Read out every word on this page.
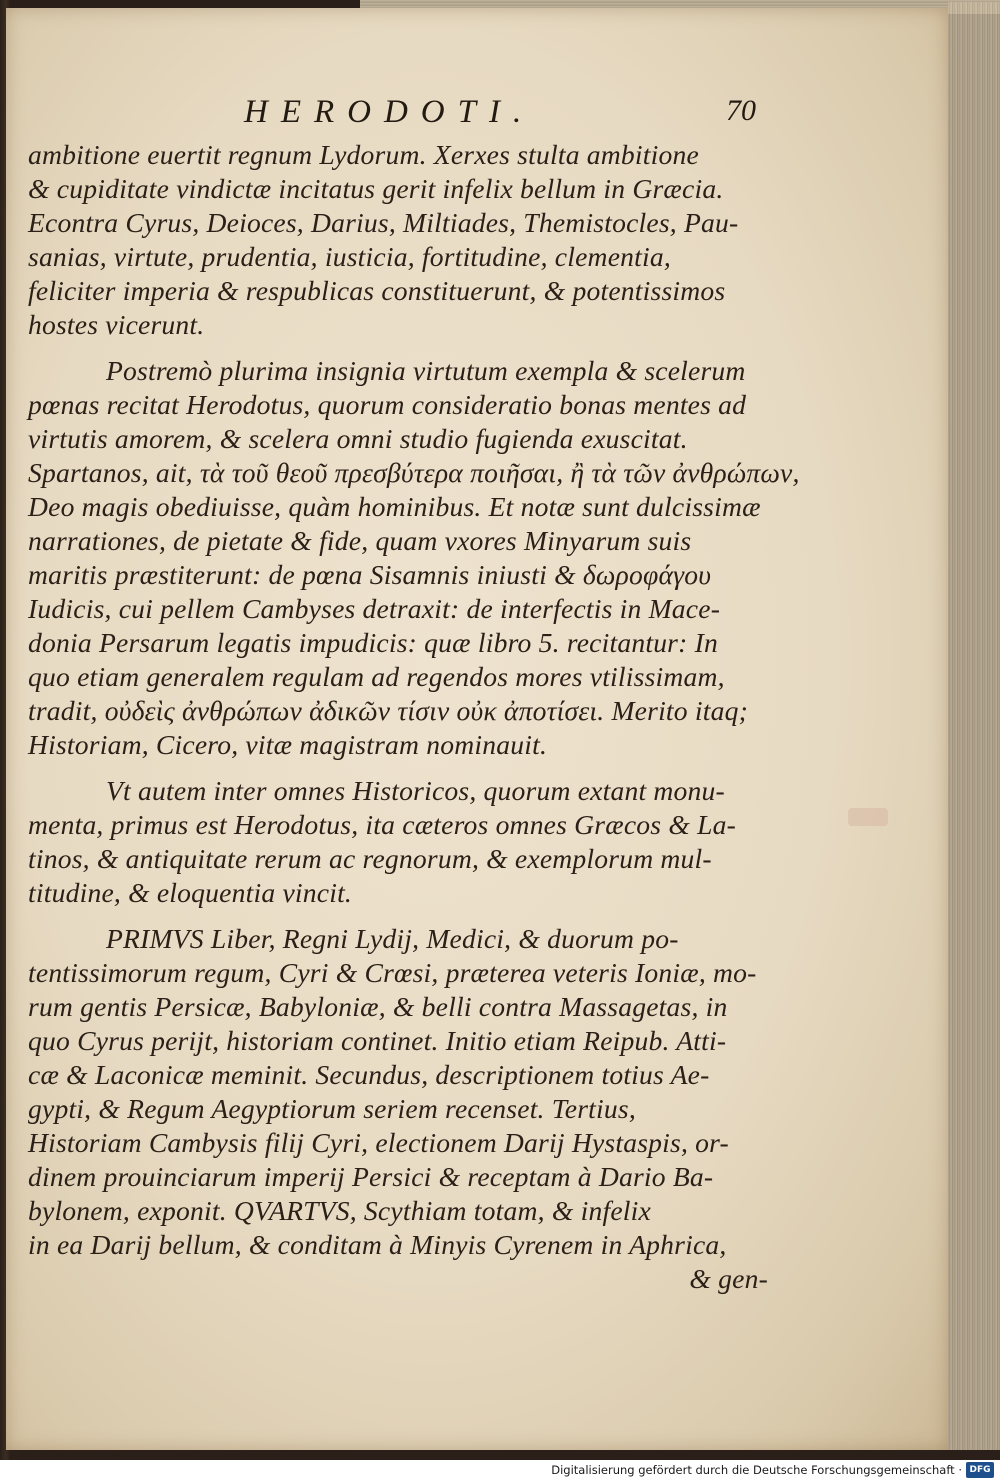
HERODOTI.	70
ambitione euertit regnum Lydorum. Xerxes stulta ambitione
& cupiditate vindictæ incitatus gerit infelix bellum in Græcia.
Econtra Cyrus, Deioces, Darius, Miltiades, Themistocles, Pau-
sanias, virtute, prudentia, iusticia, fortitudine, clementia,
feliciter imperia & respublicas constituerunt, & potentissimos
hostes vicerunt.
Postremò plurima insignia virtutum exempla & scelerum
pœnas recitat Herodotus, quorum consideratio bonas mentes ad
virtutis amorem, & scelera omni studio fugienda exuscitat.
Spartanos, ait, τὰ τοῦ θεοῦ πρεσβύτερα ποιῆσαι, ἢ τὰ τῶν ἀνθρώπων,
Deo magis obediuisse, quàm hominibus. Et notæ sunt dulcissimæ
narrationes, de pietate & fide, quam vxores Minyarum suis
maritis præstiterunt: de pœna Sisamnis iniusti & δωροφάγου
Iudicis, cui pellem Cambyses detraxit: de interfectis in Mace-
donia Persarum legatis impudicis: quæ libro 5. recitantur: In
quo etiam generalem regulam ad regendos mores vtilissimam,
tradit, οὐδεὶς ἀνθρώπων ἀδικῶν τίσιν οὐκ ἀποτίσει. Merito itaq;
Historiam, Cicero, vitæ magistram nominauit.
Vt autem inter omnes Historicos, quorum extant monu-
menta, primus est Herodotus, ita cæteros omnes Græcos & La-
tinos, & antiquitate rerum ac regnorum, & exemplorum mul-
titudine, & eloquentia vincit.
PRIMVS Liber, Regni Lydij, Medici, & duorum po-
tentissimorum regum, Cyri & Crœsi, præterea veteris Ioniæ, mo-
rum gentis Persicæ, Babyloniæ, & belli contra Massagetas, in
quo Cyrus perijt, historiam continet. Initio etiam Reipub. Atti-
cæ & Laconicæ meminit. Secundus, descriptionem totius Ae-
gypti, & Regum Aegyptiorum seriem recenset. Tertius,
Historiam Cambysis filij Cyri, electionem Darij Hystaspis, or-
dinem prouinciarum imperij Persici & receptam à Dario Ba-
bylonem, exponit. QVARTVS, Scythiam totam, & infelix
in ea Darij bellum, & conditam à Minyis Cyrenem in Aphrica,
& gen-
Digitalisierung gefördert durch die Deutsche Forschungsgemeinschaft · DFG
